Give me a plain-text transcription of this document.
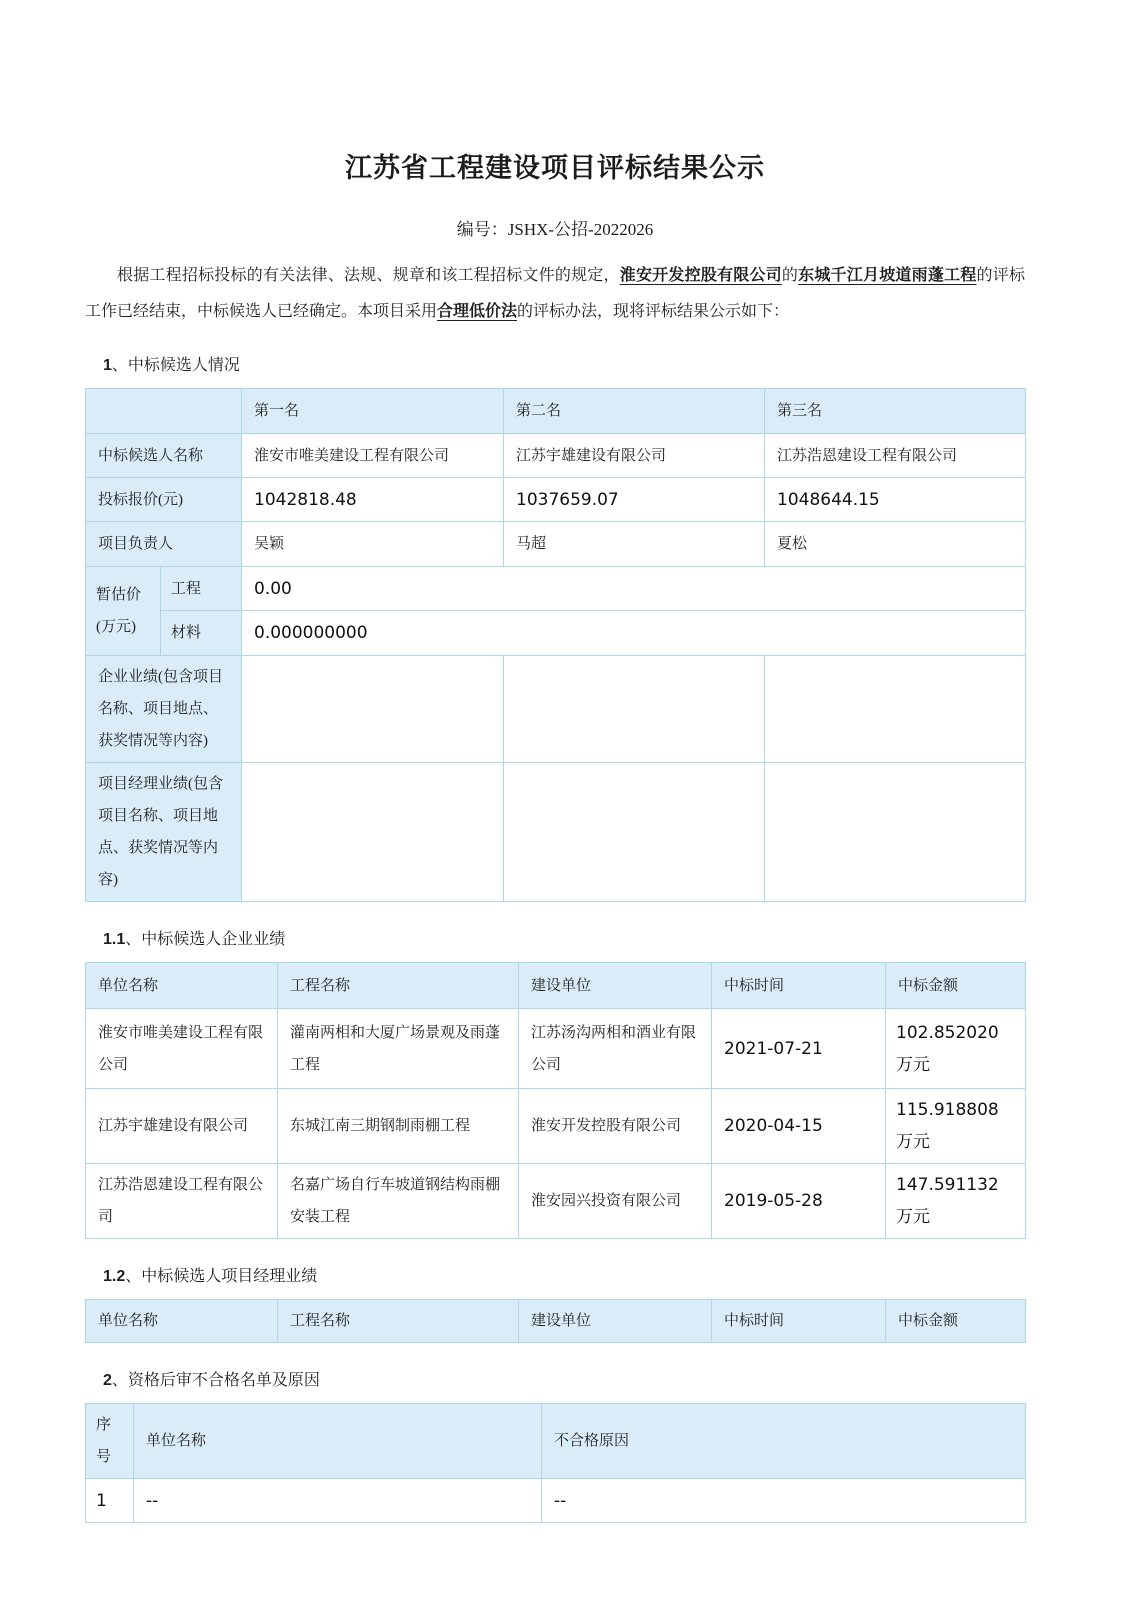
江苏省工程建设项目评标结果公示
编号：JSHX-公招-2022026
根据工程招标投标的有关法律、法规、规章和该工程招标文件的规定，淮安开发控股有限公司的东城千江月坡道雨蓬工程的评标工作已经结束，中标候选人已经确定。本项目采用合理低价法的评标办法，现将评标结果公示如下：
1、中标候选人情况
		第一名	第二名	第三名
中标候选人名称		淮安市唯美建设工程有限公司	江苏宇雄建设有限公司	江苏浩恩建设工程有限公司
投标报价(元)		1042818.48	1037659.07	1048644.15
项目负责人		吴颖	马超	夏松
暂估价(万元)	工程	0.00		
	材料	0.000000000		
企业业绩(包含项目名称、项目地点、获奖情况等内容)				
项目经理业绩(包含项目名称、项目地点、获奖情况等内容)				
1.1、中标候选人企业业绩
单位名称	工程名称	建设单位	中标时间	中标金额
淮安市唯美建设工程有限公司	灌南两相和大厦广场景观及雨蓬工程	江苏汤沟两相和酒业有限公司	2021-07-21	102.852020 万元
江苏宇雄建设有限公司	东城江南三期钢制雨棚工程	淮安开发控股有限公司	2020-04-15	115.918808 万元
江苏浩恩建设工程有限公司	名嘉广场自行车坡道钢结构雨棚安装工程	淮安园兴投资有限公司	2019-05-28	147.591132 万元
1.2、中标候选人项目经理业绩
单位名称	工程名称	建设单位	中标时间	中标金额
2、资格后审不合格名单及原因
序号	单位名称	不合格原因
1	--	--
